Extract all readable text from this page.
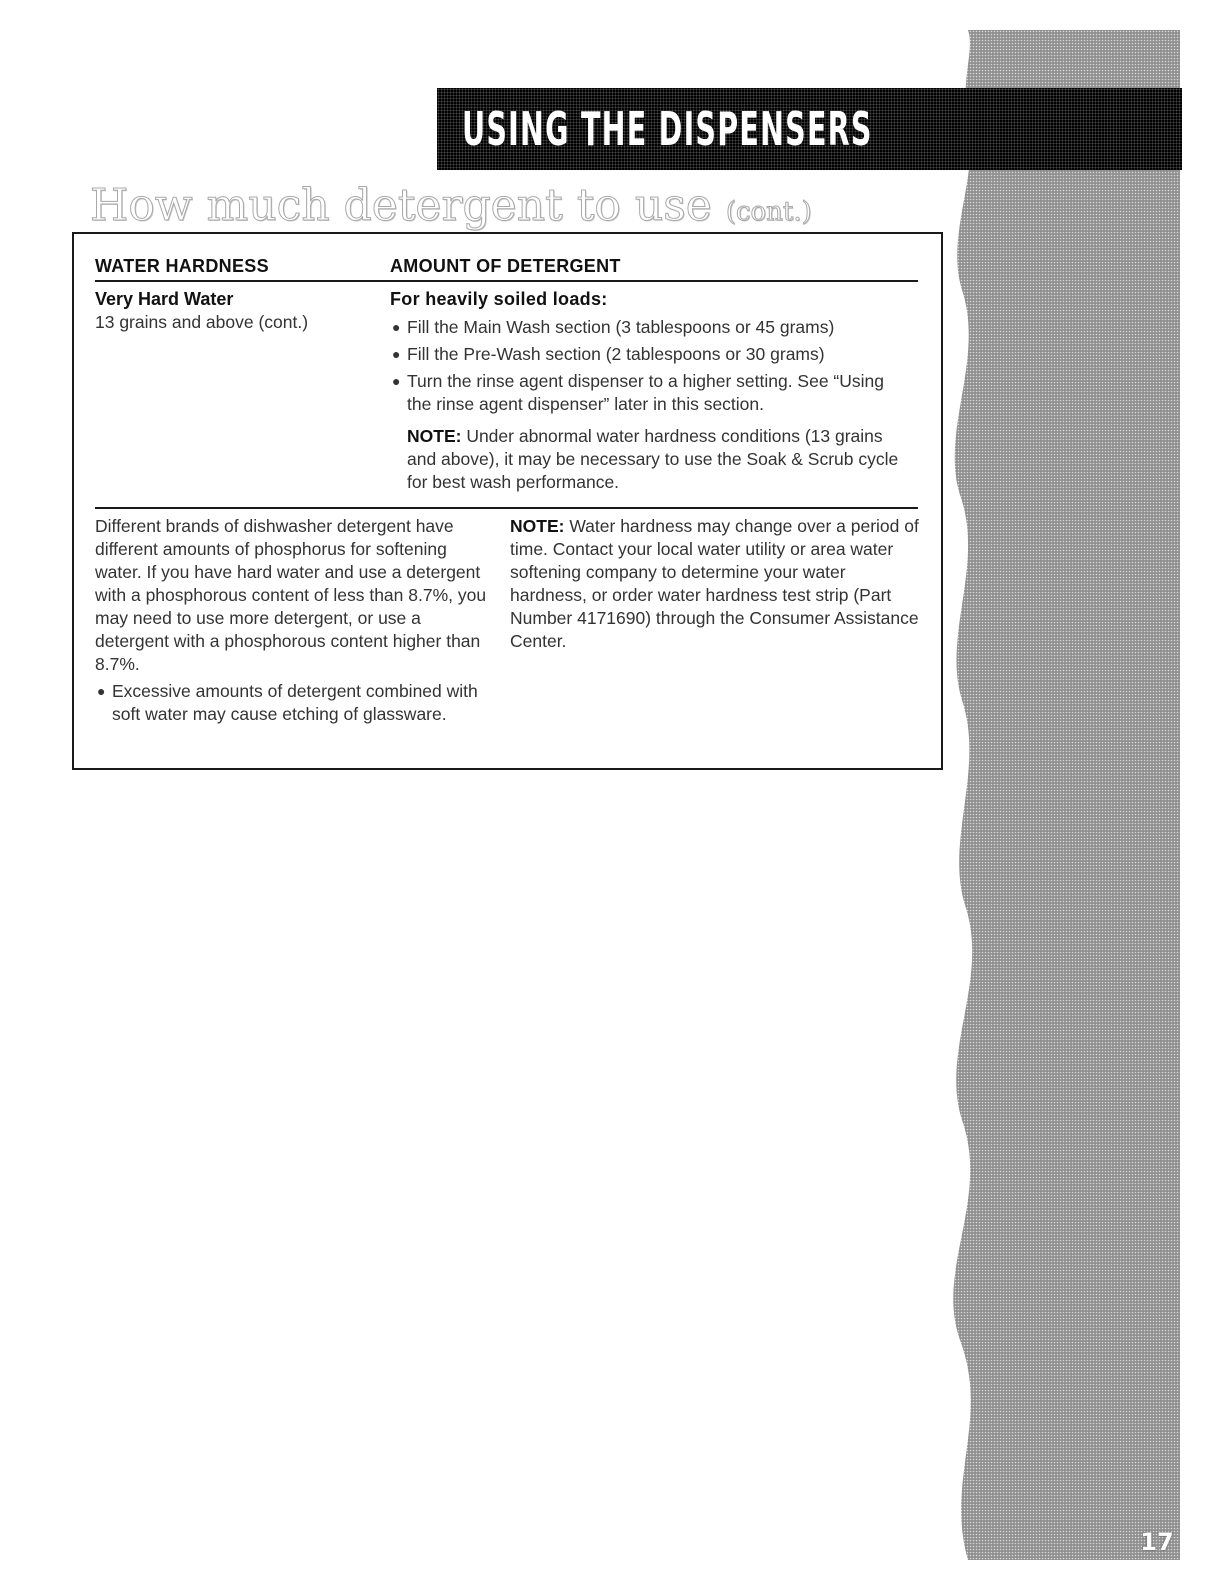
USING THE DISPENSERS
How much detergent to use (cont.)
WATER HARDNESS	AMOUNT OF DETERGENT
Very Hard Water
13 grains and above (cont.)
For heavily soiled loads:
● Fill the Main Wash section (3 tablespoons or 45 grams)
● Fill the Pre-Wash section (2 tablespoons or 30 grams)
● Turn the rinse agent dispenser to a higher setting. See “Using the rinse agent dispenser” later in this section.
NOTE: Under abnormal water hardness conditions (13 grains and above), it may be necessary to use the Soak & Scrub cycle for best wash performance.

Different brands of dishwasher detergent have different amounts of phosphorus for softening water. If you have hard water and use a detergent with a phosphorous content of less than 8.7%, you may need to use more detergent, or use a detergent with a phosphorous content higher than 8.7%.

● Excessive amounts of detergent combined with soft water may cause etching of glassware.

NOTE: Water hardness may change over a period of time. Contact your local water utility or area water softening company to determine your water hardness, or order water hardness test strip (Part Number 4171690) through the Consumer Assistance Center.

17
